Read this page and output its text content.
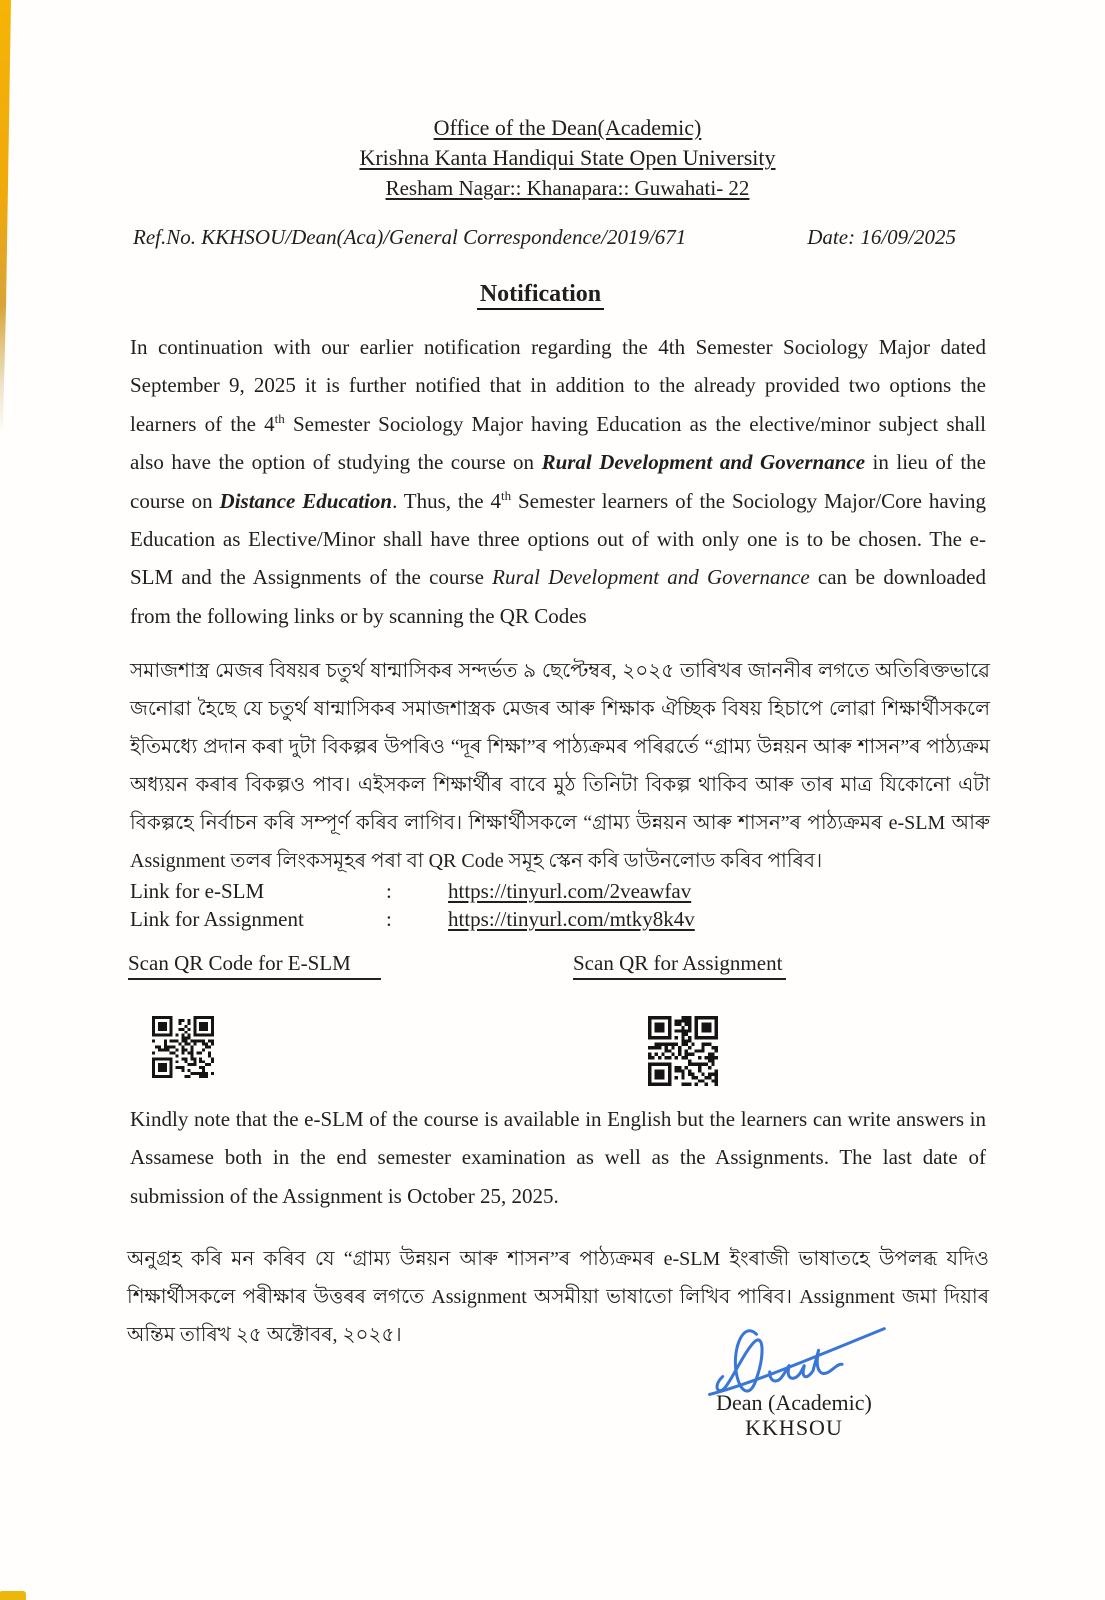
Office of the Dean(Academic)
Krishna Kanta Handiqui State Open University
Resham Nagar:: Khanapara:: Guwahati- 22
Ref.No. KKHSOU/Dean(Aca)/General Correspondence/2019/671	Date: 16/09/2025
Notification
In continuation with our earlier notification regarding the 4th Semester Sociology Major dated September 9, 2025 it is further notified that in addition to the already provided two options the learners of the 4th Semester Sociology Major having Education as the elective/minor subject shall also have the option of studying the course on Rural Development and Governance in lieu of the course on Distance Education. Thus, the 4th Semester learners of the Sociology Major/Core having Education as Elective/Minor shall have three options out of with only one is to be chosen. The e-SLM and the Assignments of the course Rural Development and Governance can be downloaded from the following links or by scanning the QR Codes
সমাজশাস্ত্ৰ মেজৰ বিষয়ৰ চতুৰ্থ ষান্মাসিকৰ সন্দৰ্ভত ৯ ছেপ্টেম্বৰ, ২০২৫ তাৰিখৰ জাননীৰ লগতে অতিৰিক্তভাৱে জনোৱা হৈছে যে চতুৰ্থ ষান্মাসিকৰ সমাজশাস্ত্ৰক মেজৰ আৰু শিক্ষাক ঐচ্ছিক বিষয় হিচাপে লোৱা শিক্ষাৰ্থীসকলে ইতিমধ্যে প্ৰদান কৰা দুটা বিকল্পৰ উপৰিও “দূৰ শিক্ষা”ৰ পাঠ্যক্ৰমৰ পৰিৱৰ্তে “গ্ৰাম্য উন্নয়ন আৰু শাসন”ৰ পাঠ্যক্ৰম অধ্যয়ন কৰাৰ বিকল্পও পাব। এইসকল শিক্ষাৰ্থীৰ বাবে মুঠ তিনিটা বিকল্প থাকিব আৰু তাৰ মাত্ৰ যিকোনো এটা বিকল্পহে নিৰ্বাচন কৰি সম্পূৰ্ণ কৰিব লাগিব। শিক্ষাৰ্থীসকলে “গ্ৰাম্য উন্নয়ন আৰু শাসন”ৰ পাঠ্যক্ৰমৰ e-SLM আৰু Assignment তলৰ লিংকসমূহৰ পৰা বা QR Code সমূহ স্কেন কৰি ডাউনলোড কৰিব পাৰিব।
Link for e-SLM	:	https://tinyurl.com/2veawfav
Link for Assignment	:	https://tinyurl.com/mtky8k4v
Scan QR Code for E-SLM	Scan QR for Assignment
Kindly note that the e-SLM of the course is available in English but the learners can write answers in Assamese both in the end semester examination as well as the Assignments. The last date of submission of the Assignment is October 25, 2025.
অনুগ্ৰহ কৰি মন কৰিব যে “গ্ৰাম্য উন্নয়ন আৰু শাসন”ৰ পাঠ্যক্ৰমৰ e-SLM ইংৰাজী ভাষাতহে উপলব্ধ যদিও শিক্ষাৰ্থীসকলে পৰীক্ষাৰ উত্তৰৰ লগতে Assignment অসমীয়া ভাষাতো লিখিব পাৰিব। Assignment জমা দিয়াৰ অন্তিম তাৰিখ ২৫ অক্টোবৰ, ২০২৫।
Dean (Academic)
KKHSOU
